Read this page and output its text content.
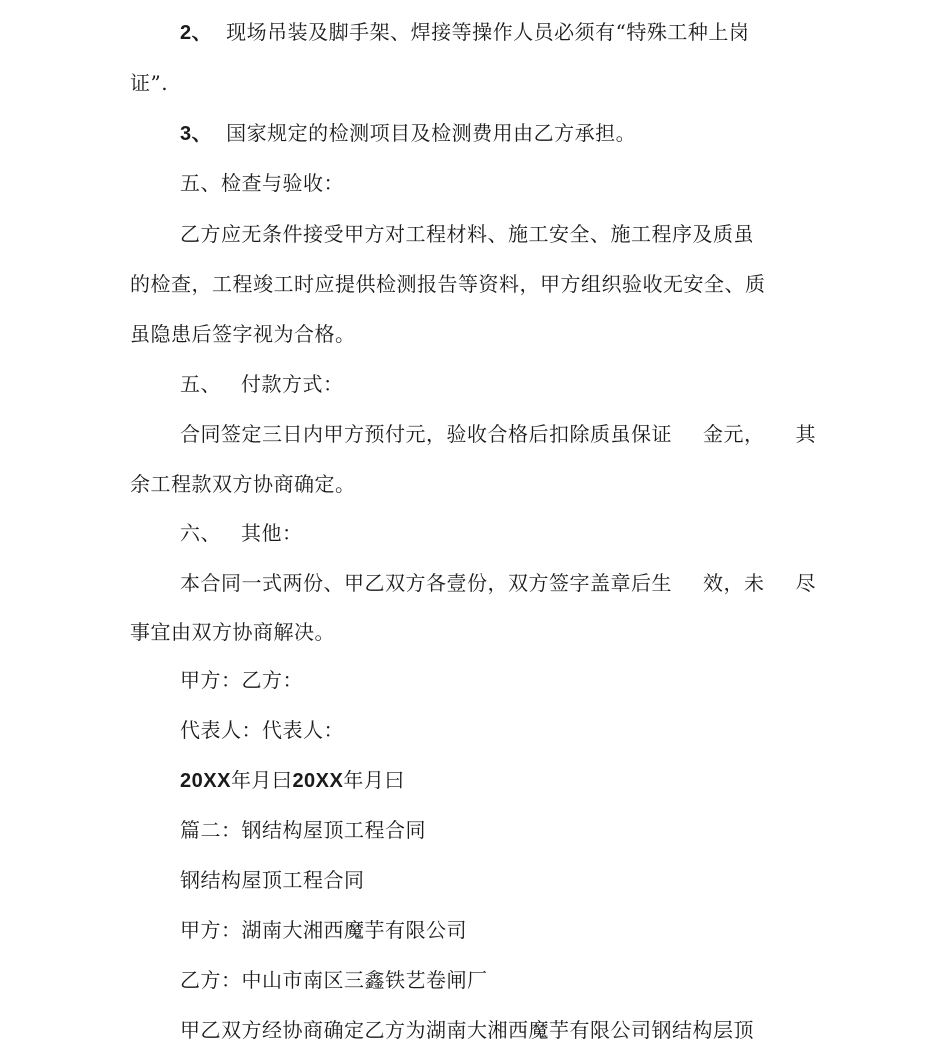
2、 现场吊装及脚手架、焊接等操作人员必须有“特殊工种上岗
证”.
3、 国家规定的检测项目及检测费用由乙方承担。
五、检查与验收：
乙方应无条件接受甲方对工程材料、施工安全、施工程序及质虽
的检查，工程竣工时应提供检测报告等资料，甲方组织验收无安全、质
虽隐患后签字视为合格。
五、 付款方式：
合同签定三日内甲方预付元，验收合格后扣除质虽保证 金元， 其
余工程款双方协商确定。
六、 其他：
本合同一式两份、甲乙双方各壹份，双方签字盖章后生 效，未 尽
事宜由双方协商解决。
甲方：乙方：
代表人：代表人：
20XX年月曰20XX年月曰
篇二：钢结构屋顶工程合同
钢结构屋顶工程合同
甲方：湖南大湘西魔芋有限公司
乙方：中山市南区三鑫铁艺卷闸厂
甲乙双方经协商确定乙方为湖南大湘西魔芋有限公司钢结构层顶
